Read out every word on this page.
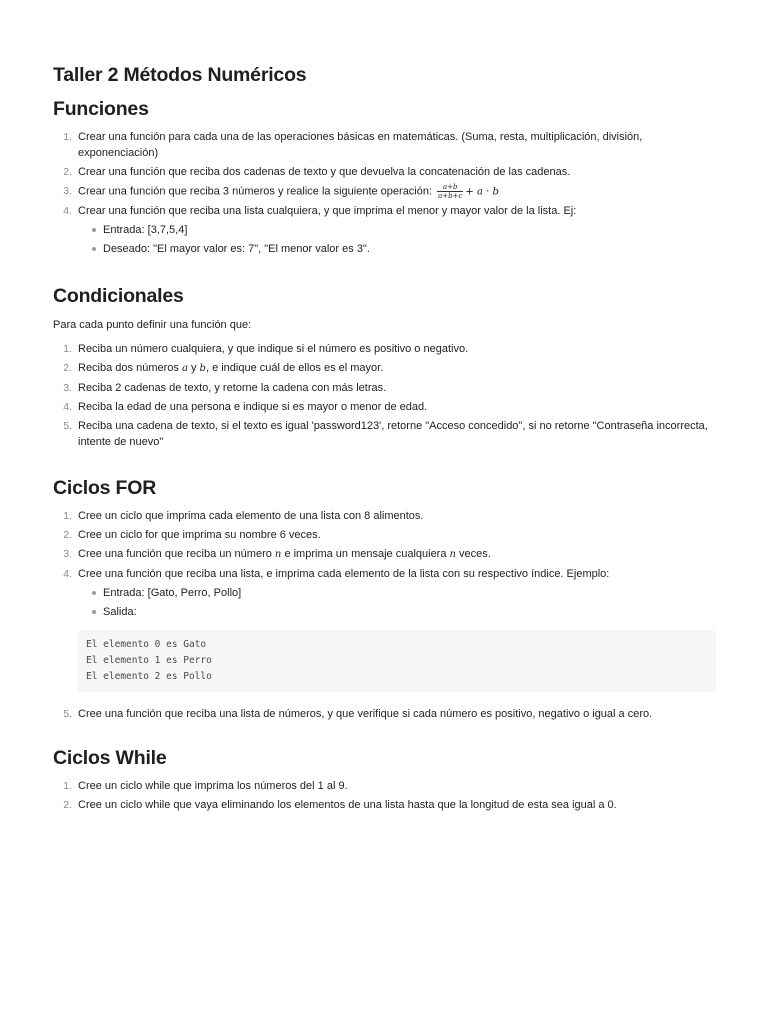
Taller 2 Métodos Numéricos
Funciones
1. Crear una función para cada una de las operaciones básicas en matemáticas. (Suma, resta, multiplicación, división, exponenciación)
2. Crear una función que reciba dos cadenas de texto y que devuelva la concatenación de las cadenas.
3. Crear una función que reciba 3 números y realice la siguiente operación: $\frac{a+b}{a+b+c} + a \cdot b$
4. Crear una función que reciba una lista cualquiera, y que imprima el menor y mayor valor de la lista. Ej:
Entrada: [3,7,5,4]
Deseado: "El mayor valor es: 7", "El menor valor es 3".
Condicionales

Para cada punto definir una función que:

1. Reciba un número cualquiera, y que indique si el número es positivo o negativo.
2. Reciba dos números a y b, e indique cuál de ellos es el mayor.
3. Reciba 2 cadenas de texto, y retorne la cadena con más letras.
4. Reciba la edad de una persona e indique si es mayor o menor de edad.
5. Reciba una cadena de texto, si el texto es igual 'password123', retorne "Acceso concedido", si no retorne "Contraseña incorrecta, intente de nuevo"
Ciclos FOR
1. Cree un ciclo que imprima cada elemento de una lista con 8 alimentos.
2. Cree un ciclo for que imprima su nombre 6 veces.
3. Cree una función que reciba un número n e imprima un mensaje cualquiera n veces.
4. Cree una función que reciba una lista, e imprima cada elemento de la lista con su respectivo índice. Ejemplo:
Entrada: [Gato, Perro, Pollo]
Salida:
El elemento 0 es Gato
El elemento 1 es Perro
El elemento 2 es Pollo
5. Cree una función que reciba una lista de números, y que verifique si cada número es positivo, negativo o igual a cero.
Ciclos While
1. Cree un ciclo while que imprima los números del 1 al 9.
2. Cree un ciclo while que vaya eliminando los elementos de una lista hasta que la longitud de esta sea igual a 0.
